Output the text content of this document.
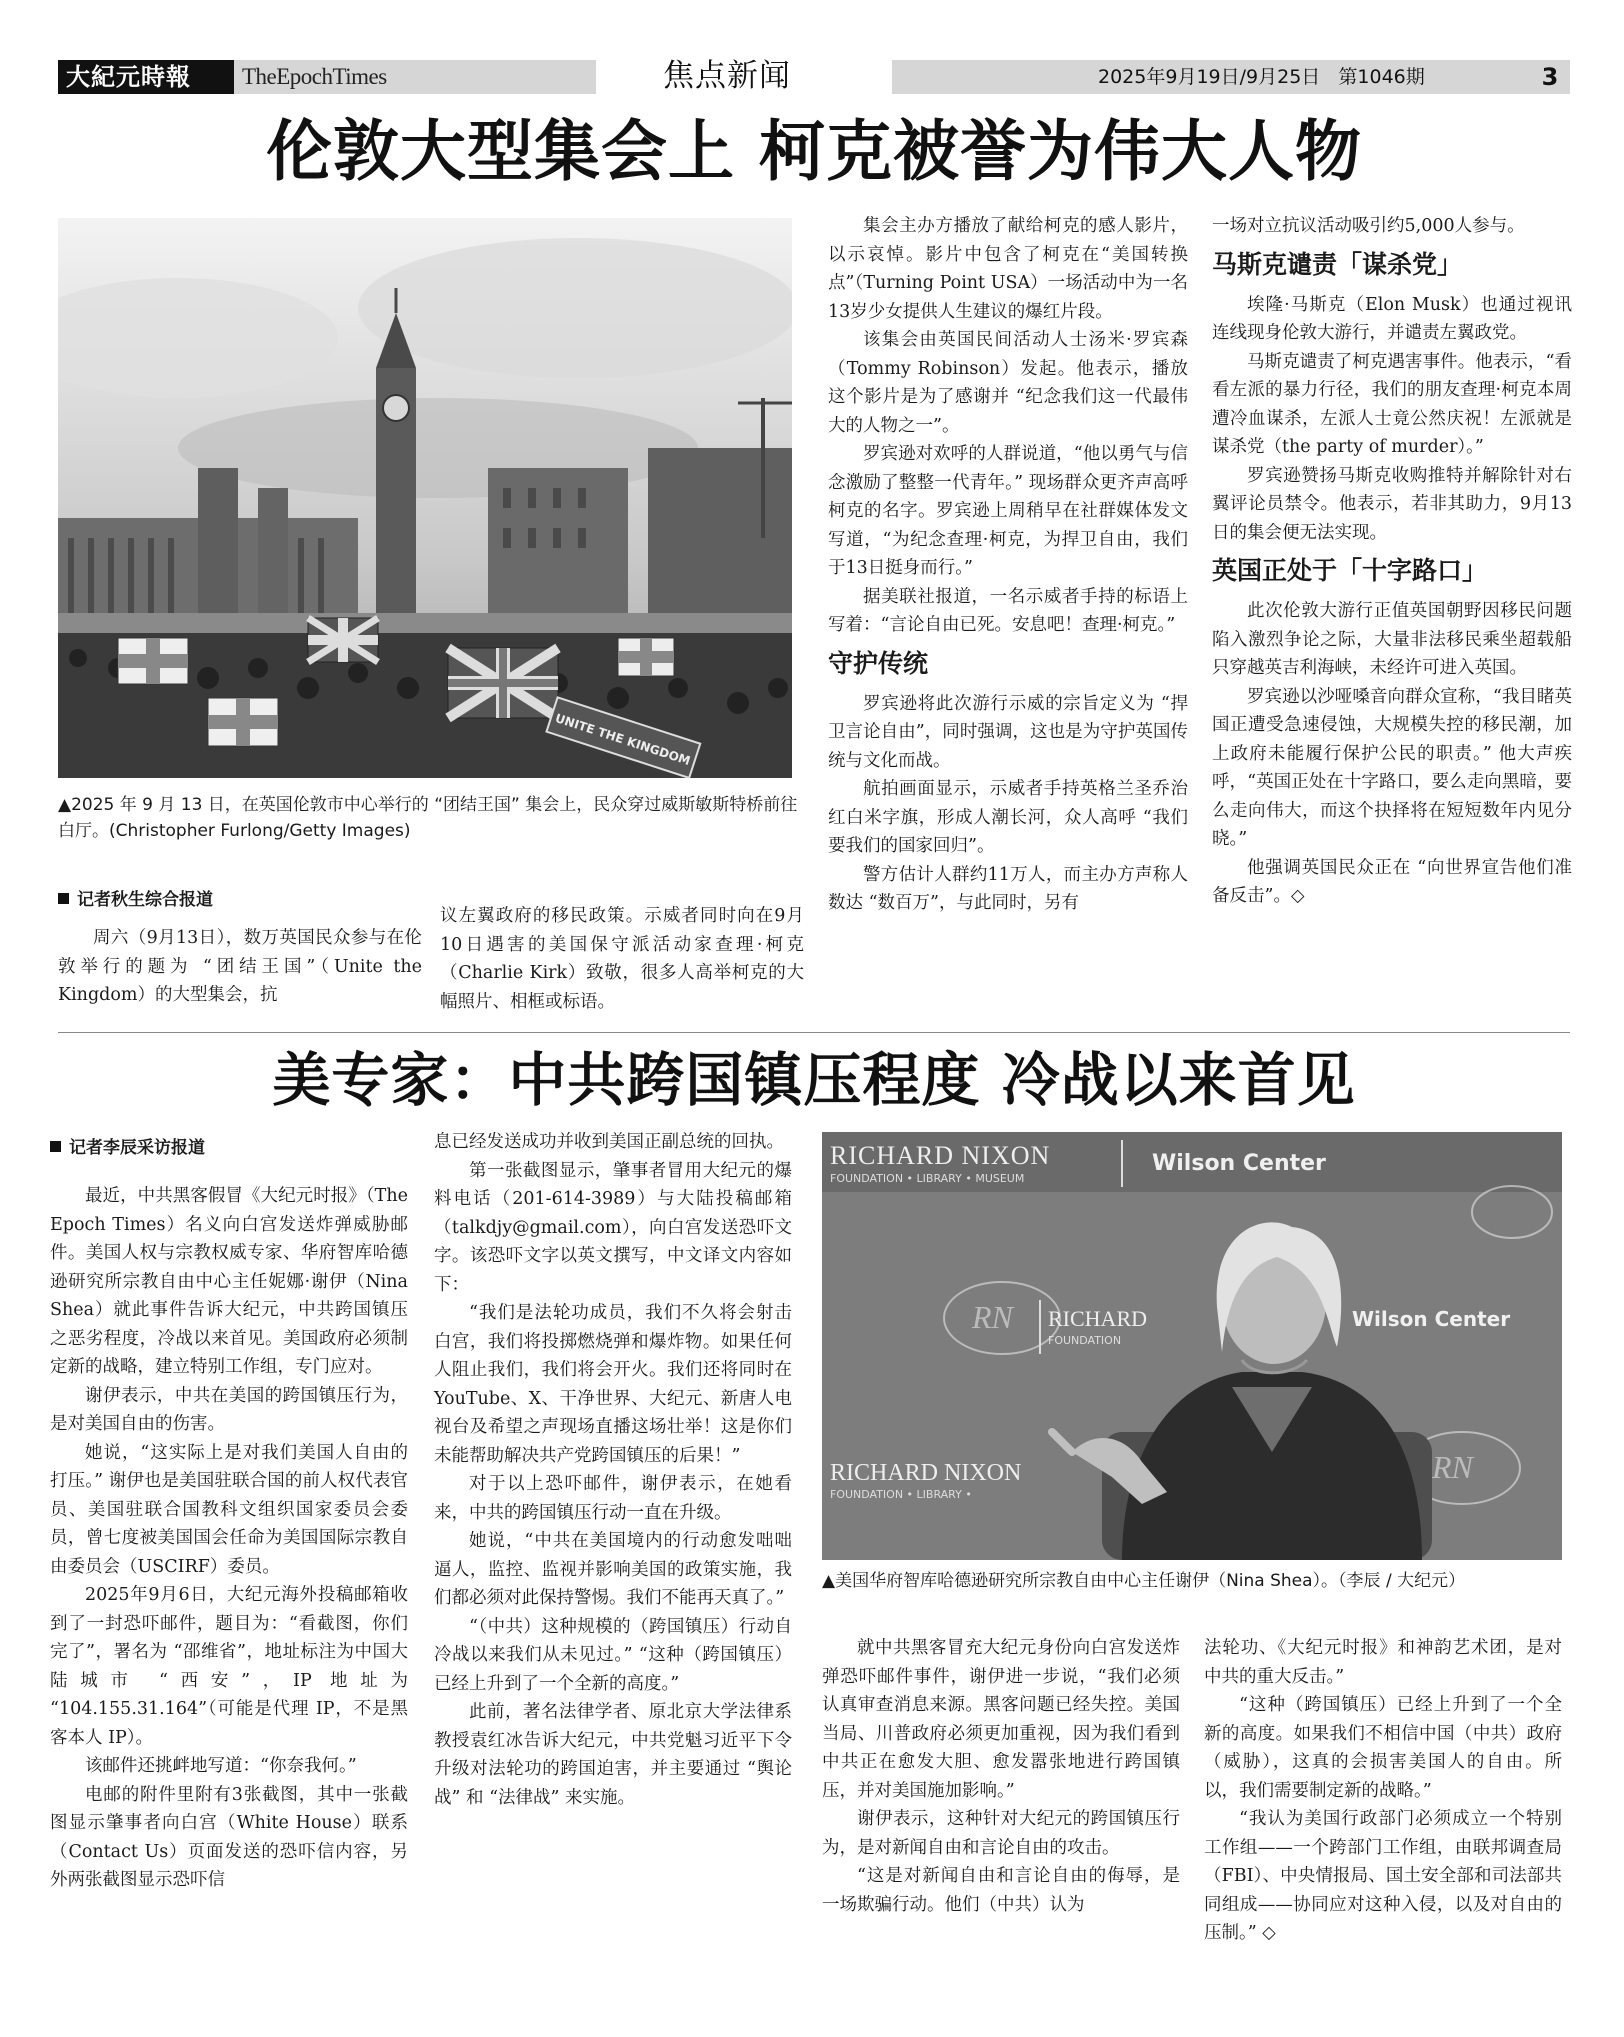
大紀元時報 TheEpochTimes	焦点新闻	2025年9月19日/9月25日   第1046期	3
伦敦大型集会上 柯克被誉为伟大人物
UNITE THE KINGDOM
▲2025 年 9 月 13 日，在英国伦敦市中心举行的 “团结王国” 集会上，民众穿过威斯敏斯特桥前往白厅。(Christopher Furlong/Getty Images)
记者秋生综合报道

周六（9月13日），数万英国民众参与在伦敦举行的题为 “团结王国”（Unite the Kingdom）的大型集会，抗

议左翼政府的移民政策。示威者同时向在9月10日遇害的美国保守派活动家查理·柯克（Charlie Kirk）致敬，很多人高举柯克的大幅照片、相框或标语。

集会主办方播放了献给柯克的感人影片，以示哀悼。影片中包含了柯克在“美国转换点”（Turning Point USA）一场活动中为一名13岁少女提供人生建议的爆红片段。

该集会由英国民间活动人士汤米·罗宾森（Tommy Robinson）发起。他表示，播放这个影片是为了感谢并 “纪念我们这一代最伟大的人物之一”。

罗宾逊对欢呼的人群说道，“他以勇气与信念激励了整整一代青年。” 现场群众更齐声高呼柯克的名字。罗宾逊上周稍早在社群媒体发文写道，“为纪念查理·柯克，为捍卫自由，我们于13日挺身而行。”

据美联社报道，一名示威者手持的标语上写着：“言论自由已死。安息吧！查理·柯克。”

守护传统

罗宾逊将此次游行示威的宗旨定义为 “捍卫言论自由”，同时强调，这也是为守护英国传统与文化而战。

航拍画面显示，示威者手持英格兰圣乔治红白米字旗，形成人潮长河，众人高呼 “我们要我们的国家回归”。

警方估计人群约11万人，而主办方声称人数达 “数百万”，与此同时，另有

一场对立抗议活动吸引约5,000人参与。

马斯克谴责「谋杀党」

埃隆·马斯克（Elon Musk）也通过视讯连线现身伦敦大游行，并谴责左翼政党。

马斯克谴责了柯克遇害事件。他表示，“看看左派的暴力行径，我们的朋友查理·柯克本周遭冷血谋杀，左派人士竟公然庆祝！左派就是谋杀党（the party of murder）。”

罗宾逊赞扬马斯克收购推特并解除针对右翼评论员禁令。他表示，若非其助力，9月13日的集会便无法实现。

英国正处于「十字路口」

此次伦敦大游行正值英国朝野因移民问题陷入激烈争论之际，大量非法移民乘坐超载船只穿越英吉利海峡，未经许可进入英国。

罗宾逊以沙哑嗓音向群众宣称，“我目睹英国正遭受急速侵蚀，大规模失控的移民潮，加上政府未能履行保护公民的职责。” 他大声疾呼，“英国正处在十字路口，要么走向黑暗，要么走向伟大，而这个抉择将在短短数年内见分晓。”

他强调英国民众正在 “向世界宣告他们准备反击”。◇

美专家：中共跨国镇压程度 冷战以来首见
记者李辰采访报道

最近，中共黑客假冒《大纪元时报》（The Epoch Times）名义向白宫发送炸弹威胁邮件。美国人权与宗教权威专家、华府智库哈德逊研究所宗教自由中心主任妮娜·谢伊（Nina Shea）就此事件告诉大纪元，中共跨国镇压之恶劣程度，冷战以来首见。美国政府必须制定新的战略，建立特别工作组，专门应对。

谢伊表示，中共在美国的跨国镇压行为，是对美国自由的伤害。

她说，“这实际上是对我们美国人自由的打压。” 谢伊也是美国驻联合国的前人权代表官员、美国驻联合国教科文组织国家委员会委员，曾七度被美国国会任命为美国国际宗教自由委员会（USCIRF）委员。

2025年9月6日，大纪元海外投稿邮箱收到了一封恐吓邮件，题目为：“看截图，你们完了”，署名为 “邵维省”，地址标注为中国大陆城市 “西安”，IP 地址为 “104.155.31.164”（可能是代理 IP，不是黑客本人 IP）。

该邮件还挑衅地写道：“你奈我何。”

电邮的附件里附有3张截图，其中一张截图显示肇事者向白宫（White House）联系（Contact Us）页面发送的恐吓信内容，另外两张截图显示恐吓信

息已经发送成功并收到美国正副总统的回执。

第一张截图显示，肇事者冒用大纪元的爆料电话（201-614-3989）与大陆投稿邮箱（talkdjy@gmail.com），向白宫发送恐吓文字。该恐吓文字以英文撰写，中文译文内容如下：

“我们是法轮功成员，我们不久将会射击白宫，我们将投掷燃烧弹和爆炸物。如果任何人阻止我们，我们将会开火。我们还将同时在 YouTube、X、干净世界、大纪元、新唐人电视台及希望之声现场直播这场壮举！这是你们未能帮助解决共产党跨国镇压的后果！”

对于以上恐吓邮件，谢伊表示，在她看来，中共的跨国镇压行动一直在升级。

她说，“中共在美国境内的行动愈发咄咄逼人，监控、监视并影响美国的政策实施，我们都必须对此保持警惕。我们不能再天真了。”

“（中共）这种规模的（跨国镇压）行动自冷战以来我们从未见过。” “这种（跨国镇压）已经上升到了一个全新的高度。”

此前，著名法律学者、原北京大学法律系教授袁红冰告诉大纪元，中共党魁习近平下令升级对法轮功的跨国迫害，并主要通过 “舆论战” 和 “法律战” 来实施。

RICHARD NIXON
FOUNDATION • LIBRARY • MUSEUM
Wilson Center
RN
RN
RICHARD
FOUNDATION
Wilson Center
RICHARD NIXON
FOUNDATION • LIBRARY •
▲美国华府智库哈德逊研究所宗教自由中心主任谢伊（Nina Shea）。（李辰 / 大纪元）

就中共黑客冒充大纪元身份向白宫发送炸弹恐吓邮件事件，谢伊进一步说，“我们必须认真审查消息来源。黑客问题已经失控。美国当局、川普政府必须更加重视，因为我们看到中共正在愈发大胆、愈发嚣张地进行跨国镇压，并对美国施加影响。”

谢伊表示，这种针对大纪元的跨国镇压行为，是对新闻自由和言论自由的攻击。

“这是对新闻自由和言论自由的侮辱，是一场欺骗行动。他们（中共）认为

法轮功、《大纪元时报》和神韵艺术团，是对中共的重大反击。”

“这种（跨国镇压）已经上升到了一个全新的高度。如果我们不相信中国（中共）政府（威胁），这真的会损害美国人的自由。所以，我们需要制定新的战略。”

“我认为美国行政部门必须成立一个特别工作组——一个跨部门工作组，由联邦调查局（FBI）、中央情报局、国土安全部和司法部共同组成——协同应对这种入侵，以及对自由的压制。” ◇
